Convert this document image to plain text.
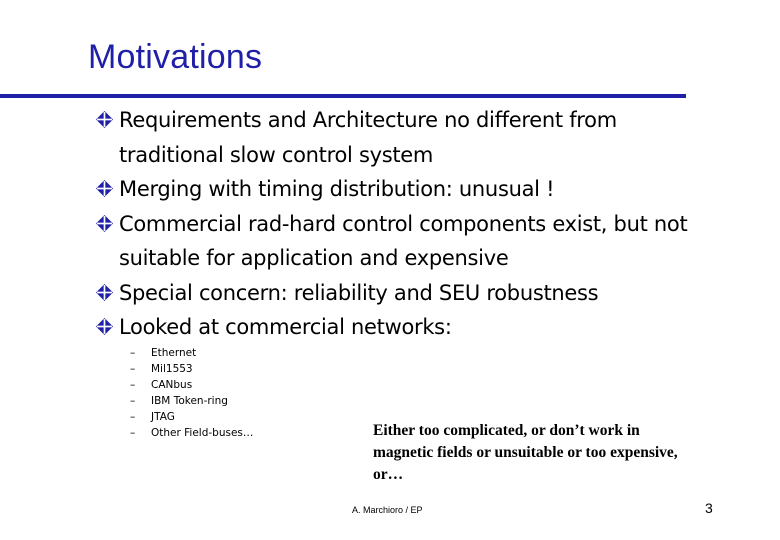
Motivations
Requirements and Architecture no different from traditional slow control system
Merging with timing distribution: unusual !
Commercial rad-hard control components exist, but not suitable for application and expensive
Special concern: reliability and SEU robustness
Looked at commercial networks:
– Ethernet
– Mil1553
– CANbus
– IBM Token-ring
– JTAG
– Other Field-buses…	Either too complicated, or don’t work in magnetic fields or unsuitable or too expensive, or…

A. Marchioro / EP	3
